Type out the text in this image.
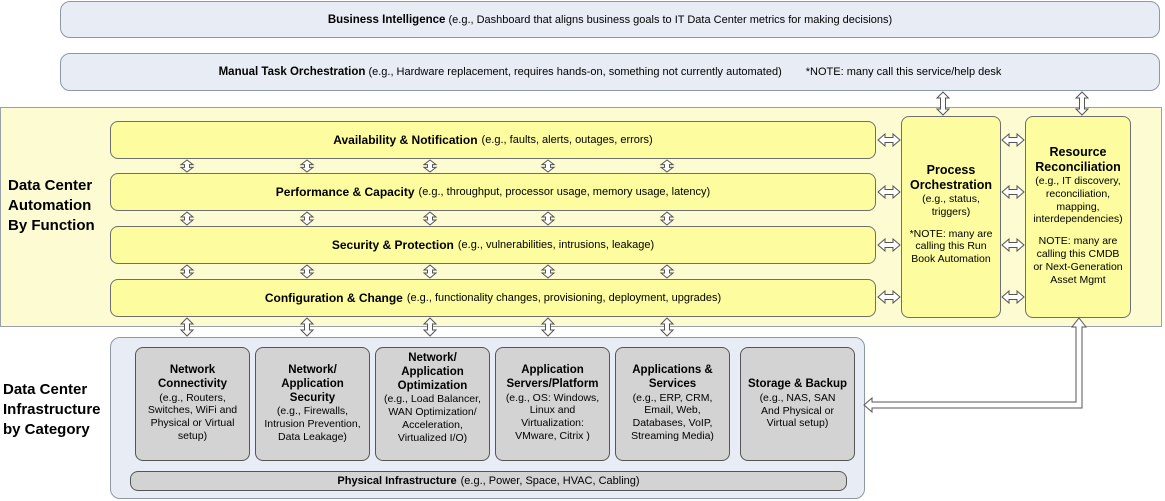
Business Intelligence
(e.g., Dashboard that aligns business goals to IT Data Center metrics for making decisions)
Manual Task Orchestration
(e.g., Hardware replacement, requires hands-on, something not currently automated) *NOTE: many call this service/help desk
Data Center
Automation
By Function
Availability & Notification (e.g., faults, alerts, outages, errors)
Performance & Capacity (e.g., throughput, processor usage, memory usage, latency)
Security & Protection (e.g., vulnerabilities, intrusions, leakage)
Configuration & Change (e.g., functionality changes, provisioning, deployment, upgrades)
Process
Orchestration
(e.g., status,
triggers)
*NOTE: many are
calling this Run
Book Automation
Resource
Reconciliation
(e.g., IT discovery,
reconciliation,
mapping,
interdependencies)
NOTE: many are
calling this CMDB
or Next-Generation
Asset Mgmt
Data Center
Infrastructure
by Category
Network
Connectivity
(e.g., Routers,
Switches, WiFi and
Physical or Virtual
setup)
Network/
Application
Security
(e.g., Firewalls,
Intrusion Prevention,
Data Leakage)
Network/
Application
Optimization
(e.g., Load Balancer,
WAN Optimization/
Acceleration,
Virtualized I/O)
Application
Servers/Platform
(e.g., OS: Windows,
Linux and
Virtualization:
VMware, Citrix )
Applications &
Services
(e.g., ERP, CRM,
Email, Web,
Databases, VoIP,
Streaming Media)
Storage & Backup
(e.g., NAS, SAN
And Physical or
Virtual setup)
Physical Infrastructure (e.g., Power, Space, HVAC, Cabling)
